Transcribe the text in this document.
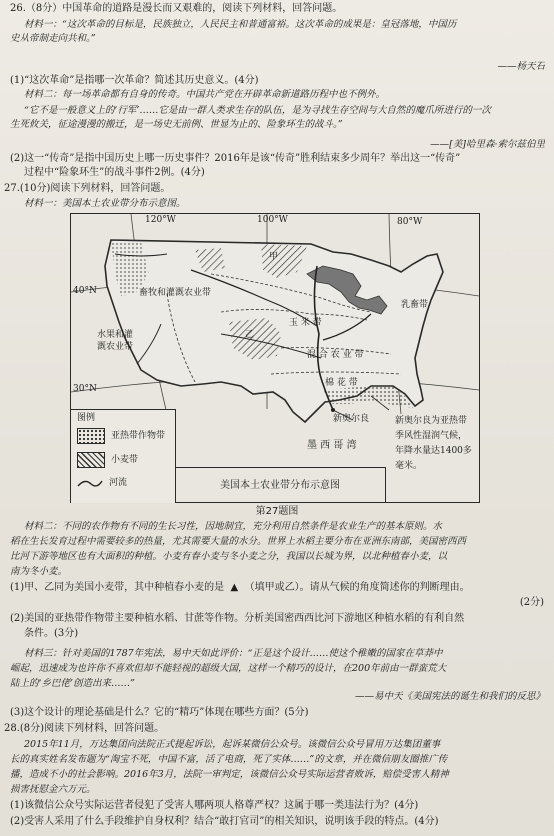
26.（8分）中国革命的道路是漫长而又艰难的，阅读下列材料，回答问题。
材料一：“这次革命的目标是，民族独立，人民民主和普通富裕。这次革命的成果是：皇冠落地，中国历
史从帝制走向共和。”
——杨天石
(1)“这次革命”是指哪一次革命？简述其历史意义。(4分)
材料二：每一场革命都有自身的传奇。中国共产党在开辟革命新道路历程中也不例外。
“它不是一般意义上的‘行军’……它是由一群人类求生存的队伍，是为寻找生存空间与大自然的魔爪所进行的一次
生死攸关，征途漫漫的搬迁，是一场史无前例、世显为止的、险象环生的战斗。”
——[美]哈里森·索尔兹伯里
(2)这一“传奇”是指中国历史上哪一历史事件？2016年是该“传奇”胜利结束多少周年？举出这一“传奇”
过程中“险象环生”的战斗事件2例。(4分)
27.(10分)阅读下列材料，回答问题。
材料一：美国本土农业带分布示意图。
120°W	100°W	80°W
40°N
30°N
甲
乙
乳畜带
畜牧和灌溉农业带
水果和灌
溉农业带
玉 米 带
混 合 农 业 带
棉 花 带
新奥尔良
墨 西 哥 湾
图例
亚热带作物带
小麦带
河流	美国本土农业带分布示意图
新奥尔良为亚热带季风性湿润气候，年降水量达1400多毫米。
第27题图
材料二：不同的农作物有不同的生长习性，因地制宜，充分利用自然条件是农业生产的基本原则。水
稻在生长发育过程中需要较多的热量，尤其需要大量的水分。世界上水稻主要分布在亚洲东南部，美国密西西
比河下游等地区也有大面积的种植。小麦有春小麦与冬小麦之分，我国以长城为界，以北种植春小麦，以
南为冬小麦。
(1)甲、乙同为美国小麦带，其中种植春小麦的是  ▲  （填甲或乙）。请从气候的角度简述你的判断理由。
(2分)
(2)美国的亚热带作物带主要种植水稻、甘蔗等作物。分析美国密西西比河下游地区种植水稻的有利自然
条件。(3分)
材料三：针对美国的1787年宪法，易中天如此评价：“正是这个设计……使这个稚嫩的国家在草莽中
崛起，迅速成为也许你不喜欢但却不能轻视的超级大国，这样一个精巧的设计，在200年前由一群蛮荒大
陆上的‘乡巴佬’创造出来……”
——易中天《美国宪法的诞生和我们的反思》
(3)这个设计的理论基础是什么？它的“精巧”体现在哪些方面？(5分)
28.(8分)阅读下列材料，回答问题。
2015年11月，万达集团向法院正式提起诉讼，起诉某微信公众号。该微信公众号冒用万达集团董事
长的真实姓名发布题为“淘宝不死，中国不富，活了电商，死了实体……”的文章，并在微信朋友圈推广传
播，造成不小的社会影响。2016年3月，法院一审判定，该微信公众号实际运营者败诉，赔偿受害人精神
损害抚慰金六万元。
(1)该微信公众号实际运营者侵犯了受害人哪两项人格尊严权？这属于哪一类违法行为？(4分)
(2)受害人采用了什么手段维护自身权利？结合“敢打官司”的相关知识，说明该手段的特点。(4分)
